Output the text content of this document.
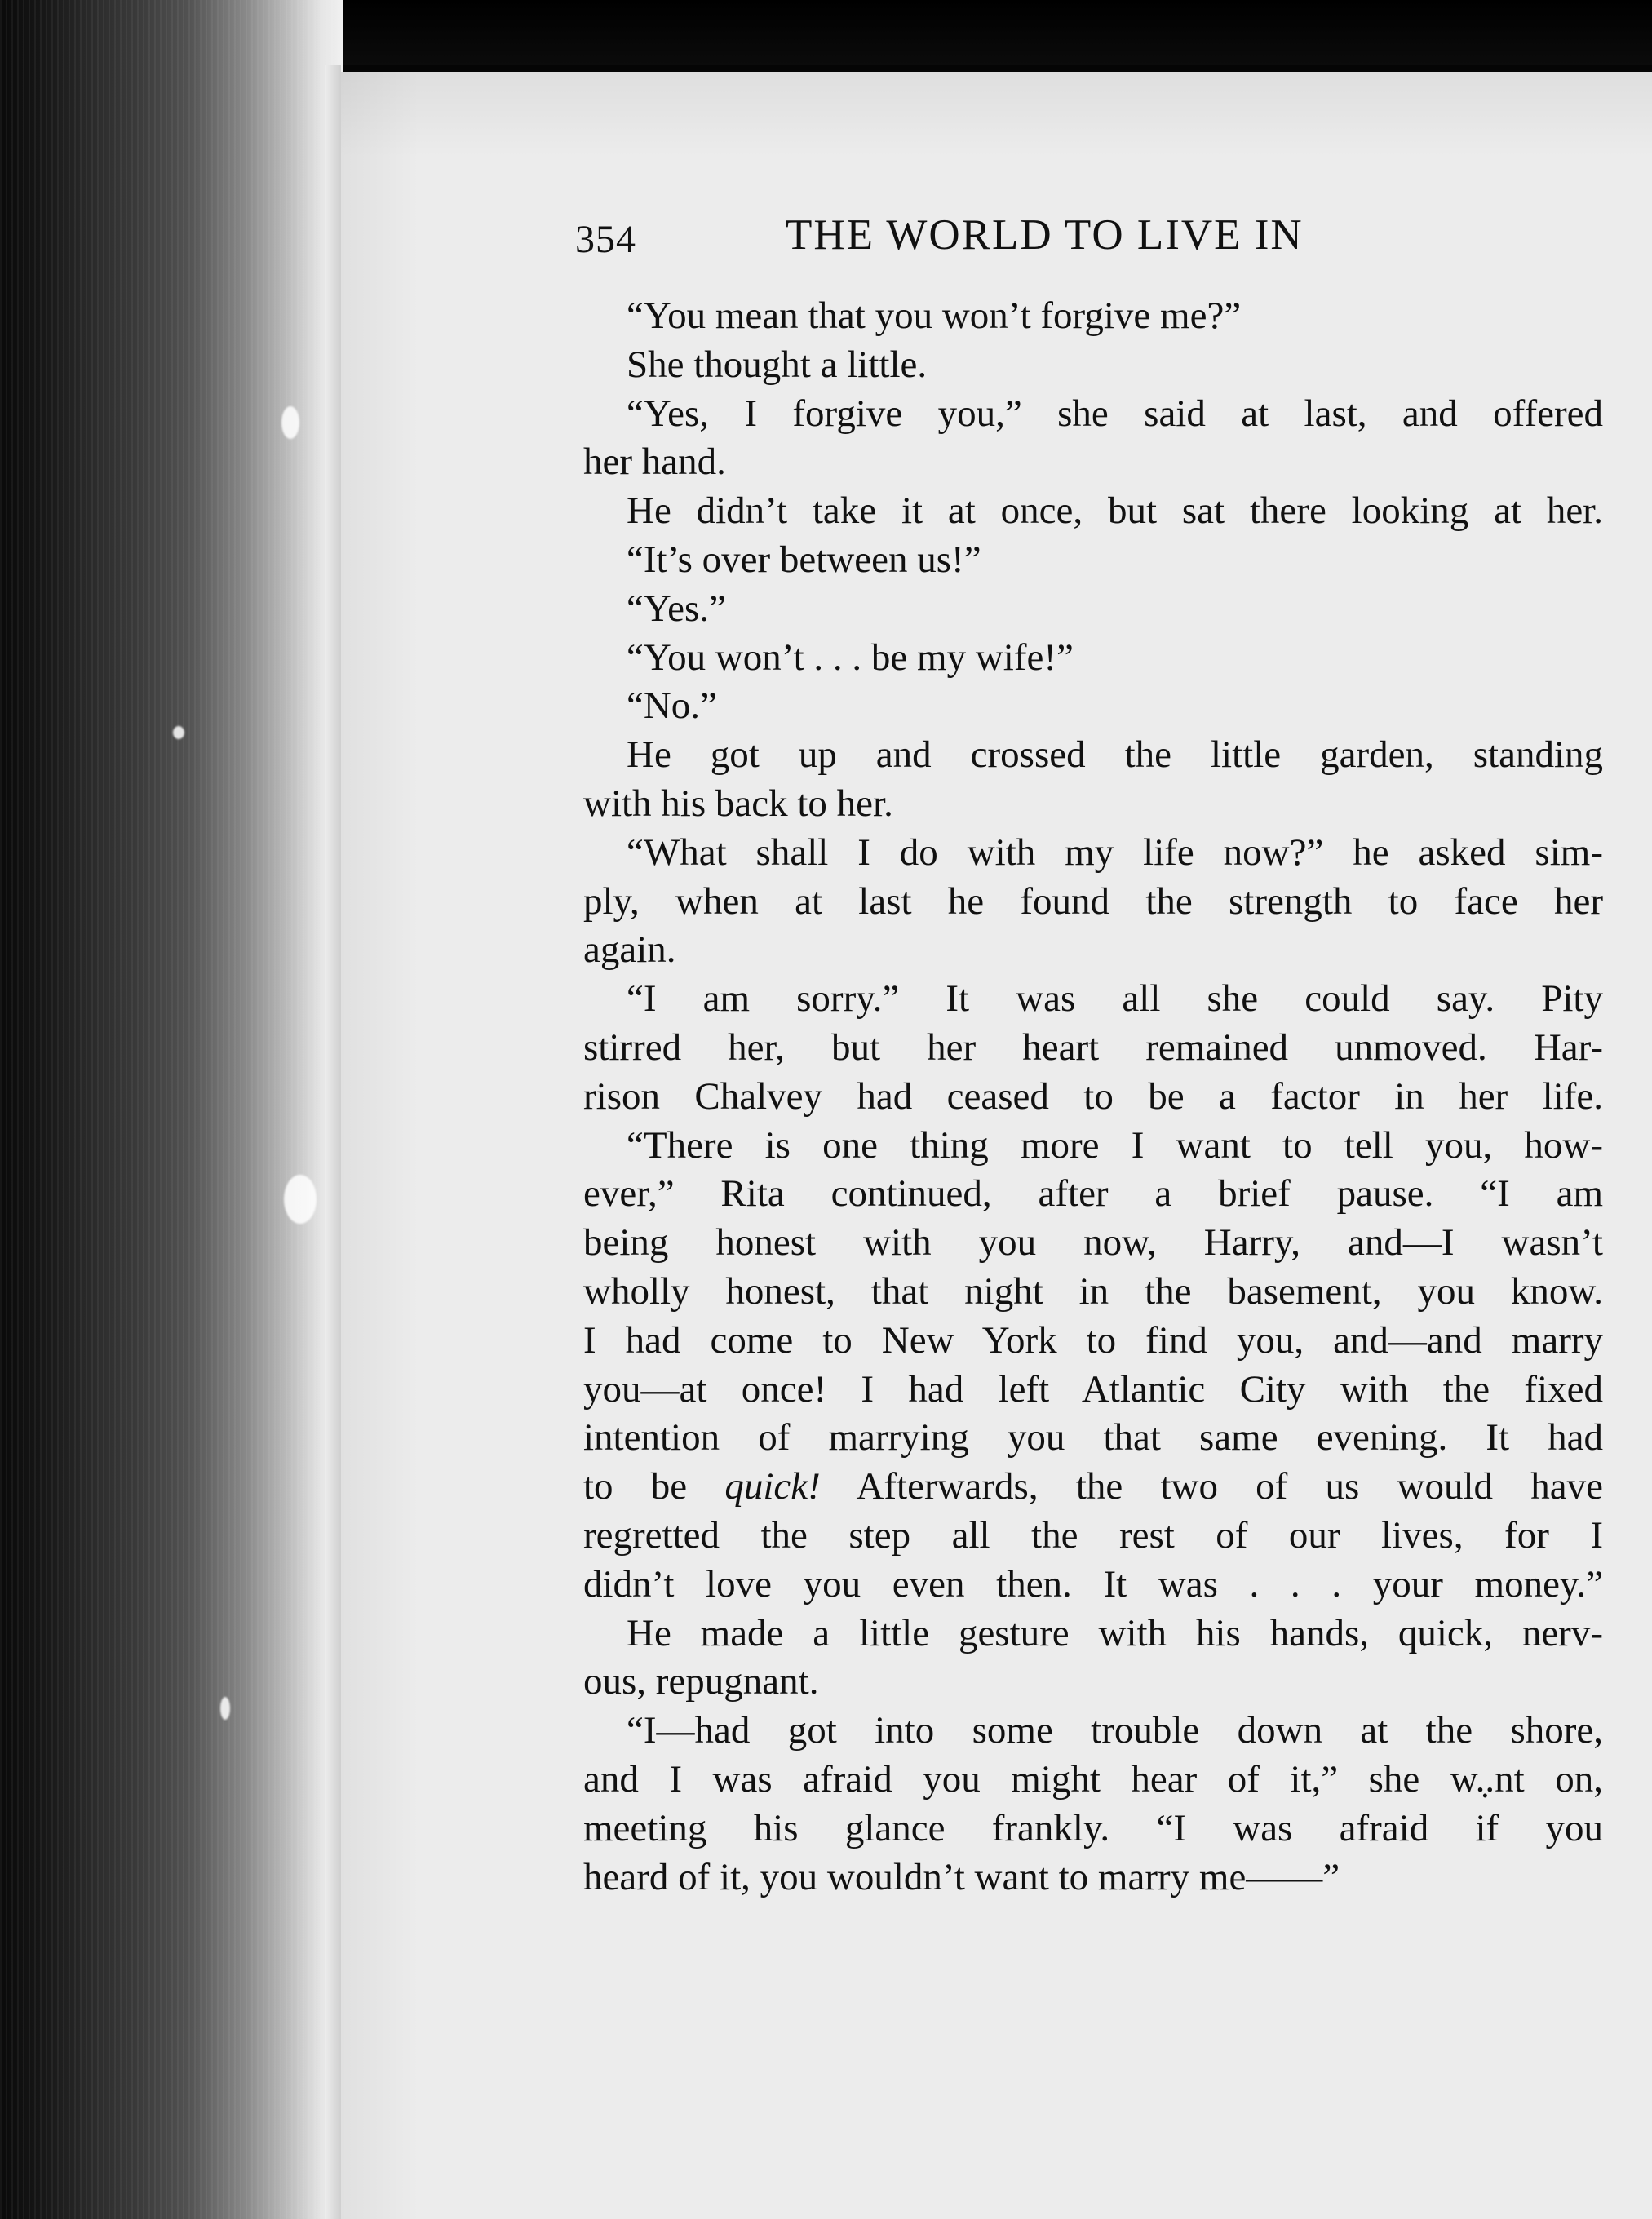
354	THE WORLD TO LIVE IN
“You mean that you won’t forgive me?”
She thought a little.
“Yes, I forgive you,” she said at last, and offered
her hand.
He didn’t take it at once, but sat there looking at her.
“It’s over between us!”
“Yes.”
“You won’t . . . be my wife!”
“No.”
He got up and crossed the little garden, standing
with his back to her.
“What shall I do with my life now?” he asked sim-
ply, when at last he found the strength to face her
again.
“I am sorry.” It was all she could say. Pity
stirred her, but her heart remained unmoved. Har-
rison Chalvey had ceased to be a factor in her life.
“There is one thing more I want to tell you, how-
ever,” Rita continued, after a brief pause. “I am
being honest with you now, Harry, and—I wasn’t
wholly honest, that night in the basement, you know.
I had come to New York to find you, and—and marry
you—at once! I had left Atlantic City with the fixed
intention of marrying you that same evening. It had
to be quick! Afterwards, the two of us would have
regretted the step all the rest of our lives, for I
didn’t love you even then. It was . . . your money.”
He made a little gesture with his hands, quick, nerv-
ous, repugnant.
“I—had got into some trouble down at the shore,
and I was afraid you might hear of it,” she w.̣.nt on,
meeting his glance frankly. “I was afraid if you
heard of it, you wouldn’t want to marry me——”
